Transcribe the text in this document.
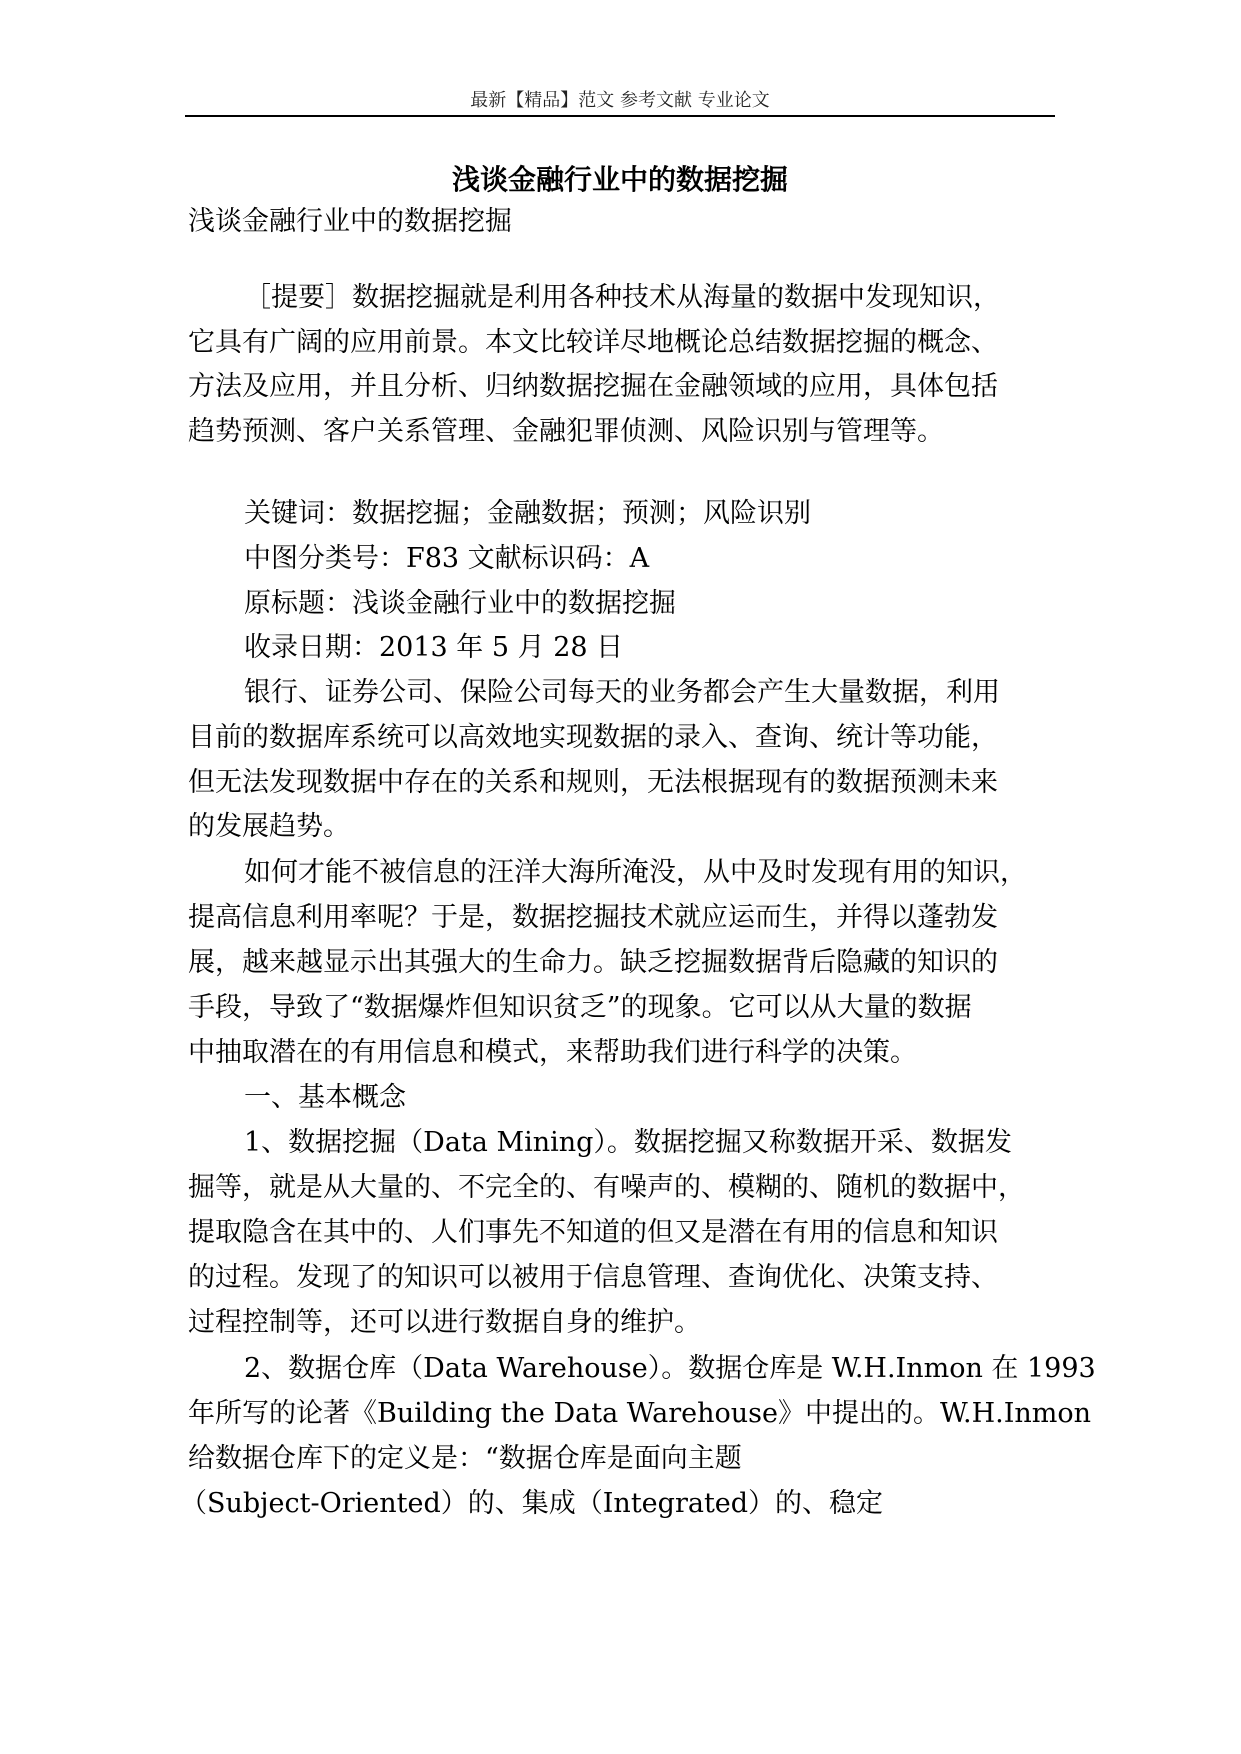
最新【精品】范文 参考文献 专业论文
浅谈金融行业中的数据挖掘
浅谈金融行业中的数据挖掘
［提要］数据挖掘就是利用各种技术从海量的数据中发现知识，
它具有广阔的应用前景。本文比较详尽地概论总结数据挖掘的概念、
方法及应用，并且分析、归纳数据挖掘在金融领域的应用，具体包括
趋势预测、客户关系管理、金融犯罪侦测、风险识别与管理等。
关键词：数据挖掘；金融数据；预测；风险识别
中图分类号：F83 文献标识码：A
原标题：浅谈金融行业中的数据挖掘
收录日期：2013 年 5 月 28 日
银行、证券公司、保险公司每天的业务都会产生大量数据，利用
目前的数据库系统可以高效地实现数据的录入、查询、统计等功能，
但无法发现数据中存在的关系和规则，无法根据现有的数据预测未来
的发展趋势。
如何才能不被信息的汪洋大海所淹没，从中及时发现有用的知识，
提高信息利用率呢？于是，数据挖掘技术就应运而生，并得以蓬勃发
展，越来越显示出其强大的生命力。缺乏挖掘数据背后隐藏的知识的
手段，导致了“数据爆炸但知识贫乏”的现象。它可以从大量的数据
中抽取潜在的有用信息和模式，来帮助我们进行科学的决策。
一、基本概念
1、数据挖掘（Data Mining）。数据挖掘又称数据开采、数据发
掘等，就是从大量的、不完全的、有噪声的、模糊的、随机的数据中，
提取隐含在其中的、人们事先不知道的但又是潜在有用的信息和知识
的过程。发现了的知识可以被用于信息管理、查询优化、决策支持、
过程控制等，还可以进行数据自身的维护。
2、数据仓库（Data Warehouse）。数据仓库是 W.H.Inmon 在 1993
年所写的论著《Building the Data Warehouse》中提出的。W.H.Inmon
给数据仓库下的定义是：“数据仓库是面向主题
（Subject-Oriented）的、集成（Integrated）的、稳定
